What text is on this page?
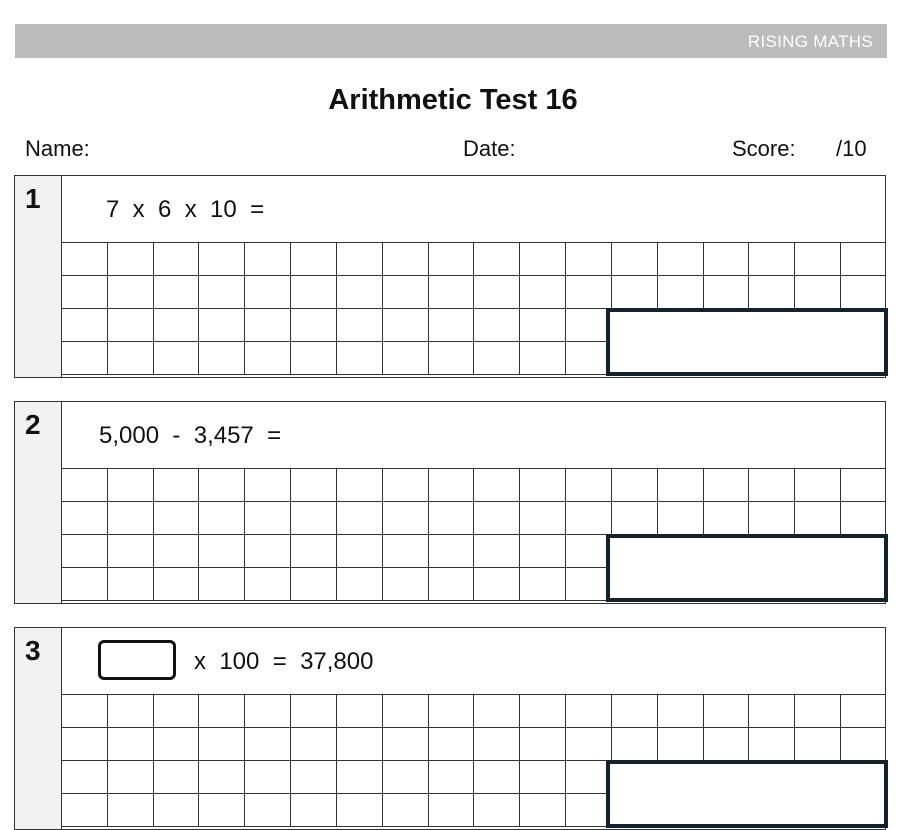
RISING MATHS
Arithmetic Test 16
Name:	Date:	Score: /10
1	7  x  6  x  10  =
2 5,000  -  3,457  =
3	x  100  =  37,800
